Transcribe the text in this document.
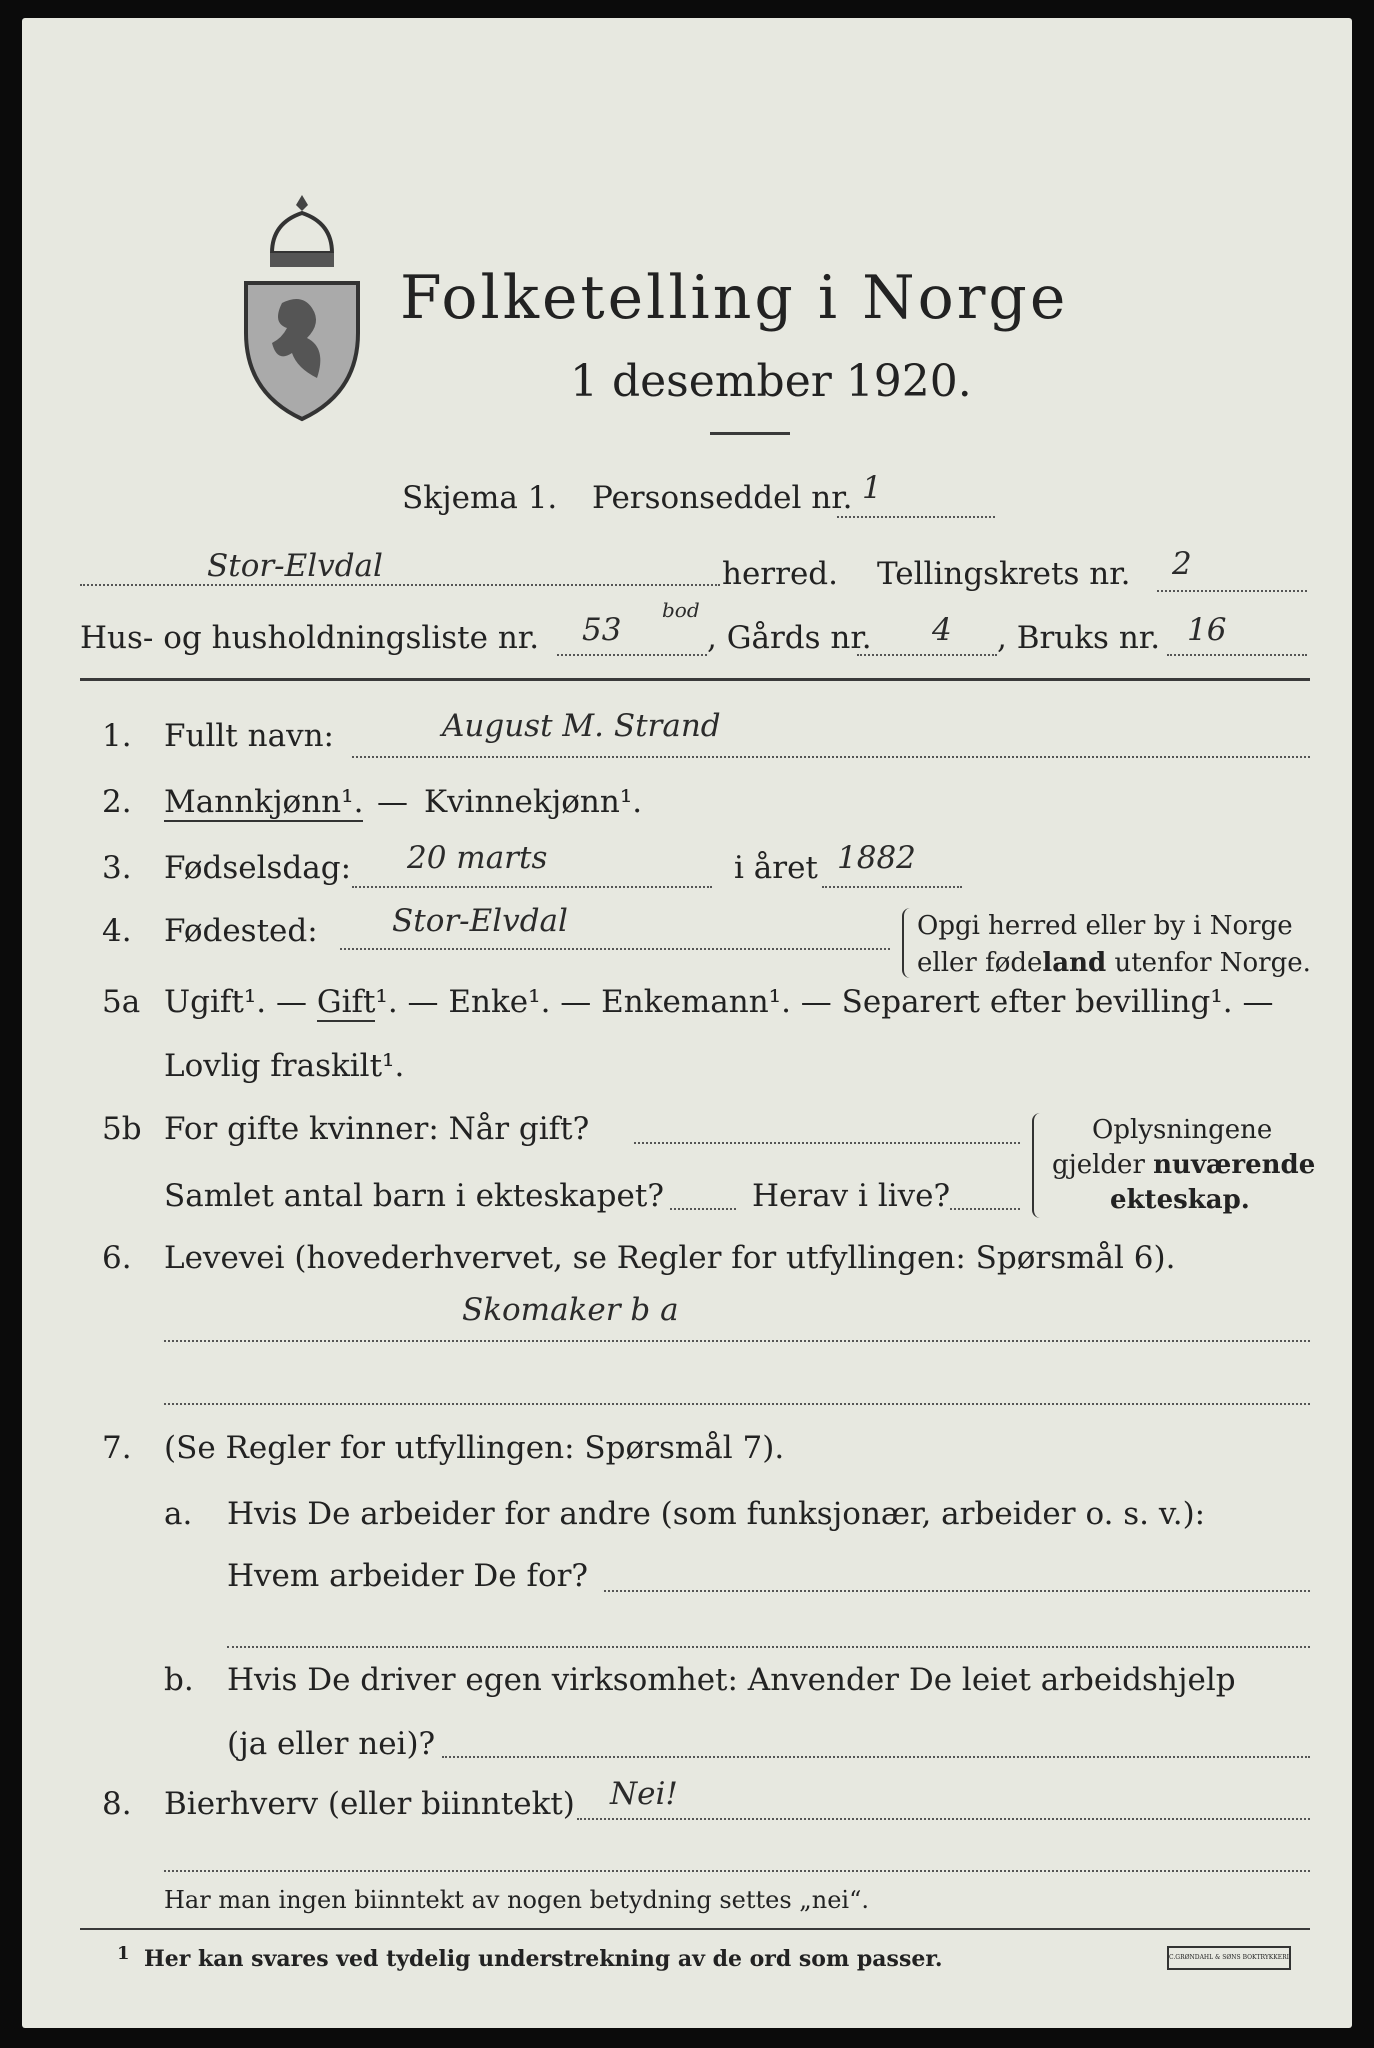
Folketelling i Norge
1 desember 1920.
Skjema 1. Personseddel nr. 1
Stor-Elvdal	herred. Tellingskrets nr. 2
Hus- og husholdningsliste nr. 53
bod
, Gårds nr. 4 , Bruks nr. 16
1. Fullt navn:	August M. Strand
2. Mannkjønn¹. — Kvinnekjønn¹.
3. Fødselsdag: 20 marts	i året 1882
4. Fødested: Stor-Elvdal	Opgi herred eller by i Norge
eller fødeland utenfor Norge.
5a Ugift¹. — Gift¹. — Enke¹. — Enkemann¹. — Separert efter bevilling¹. —
Lovlig fraskilt¹.
5b For gifte kvinner: Når gift?
Samlet antal barn i ekteskapet?	Herav i live?
Oplysningene
gjelder nuværende
ekteskap.
6. Levevei (hovederhvervet, se Regler for utfyllingen: Spørsmål 6).
Skomaker b a
7. (Se Regler for utfyllingen: Spørsmål 7).
a. Hvis De arbeider for andre (som funksjonær, arbeider o. s. v.):
Hvem arbeider De for?
b. Hvis De driver egen virksomhet: Anvender De leiet arbeidshjelp
(ja eller nei)?
8. Bierhverv (eller biinntekt) Nei!
Har man ingen biinntekt av nogen betydning settes „nei“.
1 Her kan svares ved tydelig understrekning av de ord som passer.	C.GRØNDAHL & SØNS BOKTRYKKERI
